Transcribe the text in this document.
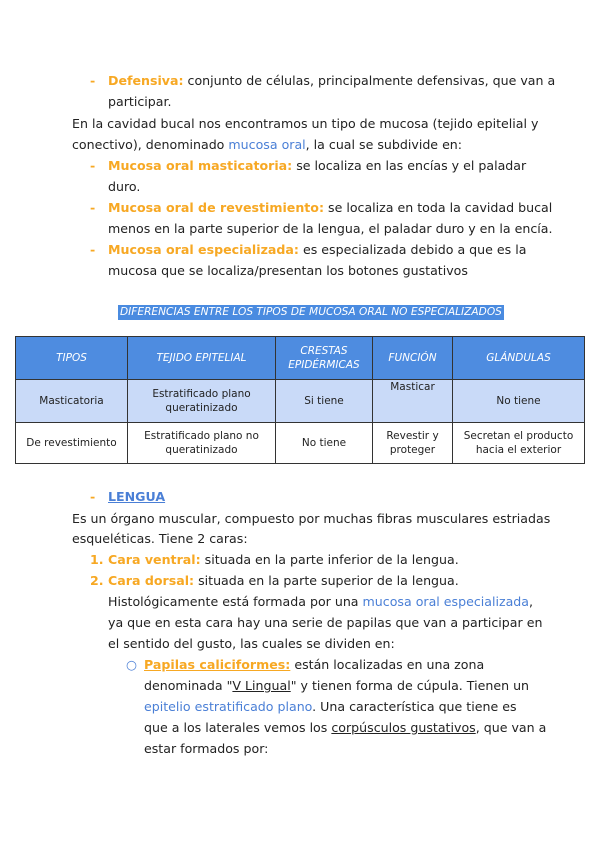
- Defensiva: conjunto de células, principalmente defensivas, que van a
participar.
En la cavidad bucal nos encontramos un tipo de mucosa (tejido epitelial y
conectivo), denominado mucosa oral, la cual se subdivide en:
- Mucosa oral masticatoria: se localiza en las encías y el paladar
duro.
- Mucosa oral de revestimiento: se localiza en toda la cavidad bucal
menos en la parte superior de la lengua, el paladar duro y en la encía.
- Mucosa oral especializada: es especializada debido a que es la
mucosa que se localiza/presentan los botones gustativos
DIFERENCIAS ENTRE LOS TIPOS DE MUCOSA ORAL NO ESPECIALIZADOS
TIPOS	TEJIDO EPITELIAL	CRESTAS EPIDÉRMICAS	FUNCIÓN	GLÁNDULAS
Masticatoria	Estratificado plano queratinizado	Si tiene	Masticar	No tiene
De revestimiento	Estratificado plano no queratinizado	No tiene	Revestir y proteger	Secretan el producto hacia el exterior
- LENGUA
Es un órgano muscular, compuesto por muchas fibras musculares estriadas
esqueléticas. Tiene 2 caras:
1. Cara ventral: situada en la parte inferior de la lengua.
2. Cara dorsal: situada en la parte superior de la lengua.
Histológicamente está formada por una mucosa oral especializada,
ya que en esta cara hay una serie de papilas que van a participar en
el sentido del gusto, las cuales se dividen en:
○ Papilas caliciformes: están localizadas en una zona
denominada "V Lingual" y tienen forma de cúpula. Tienen un
epitelio estratificado plano. Una característica que tiene es
que a los laterales vemos los corpúsculos gustativos, que van a
estar formados por:
